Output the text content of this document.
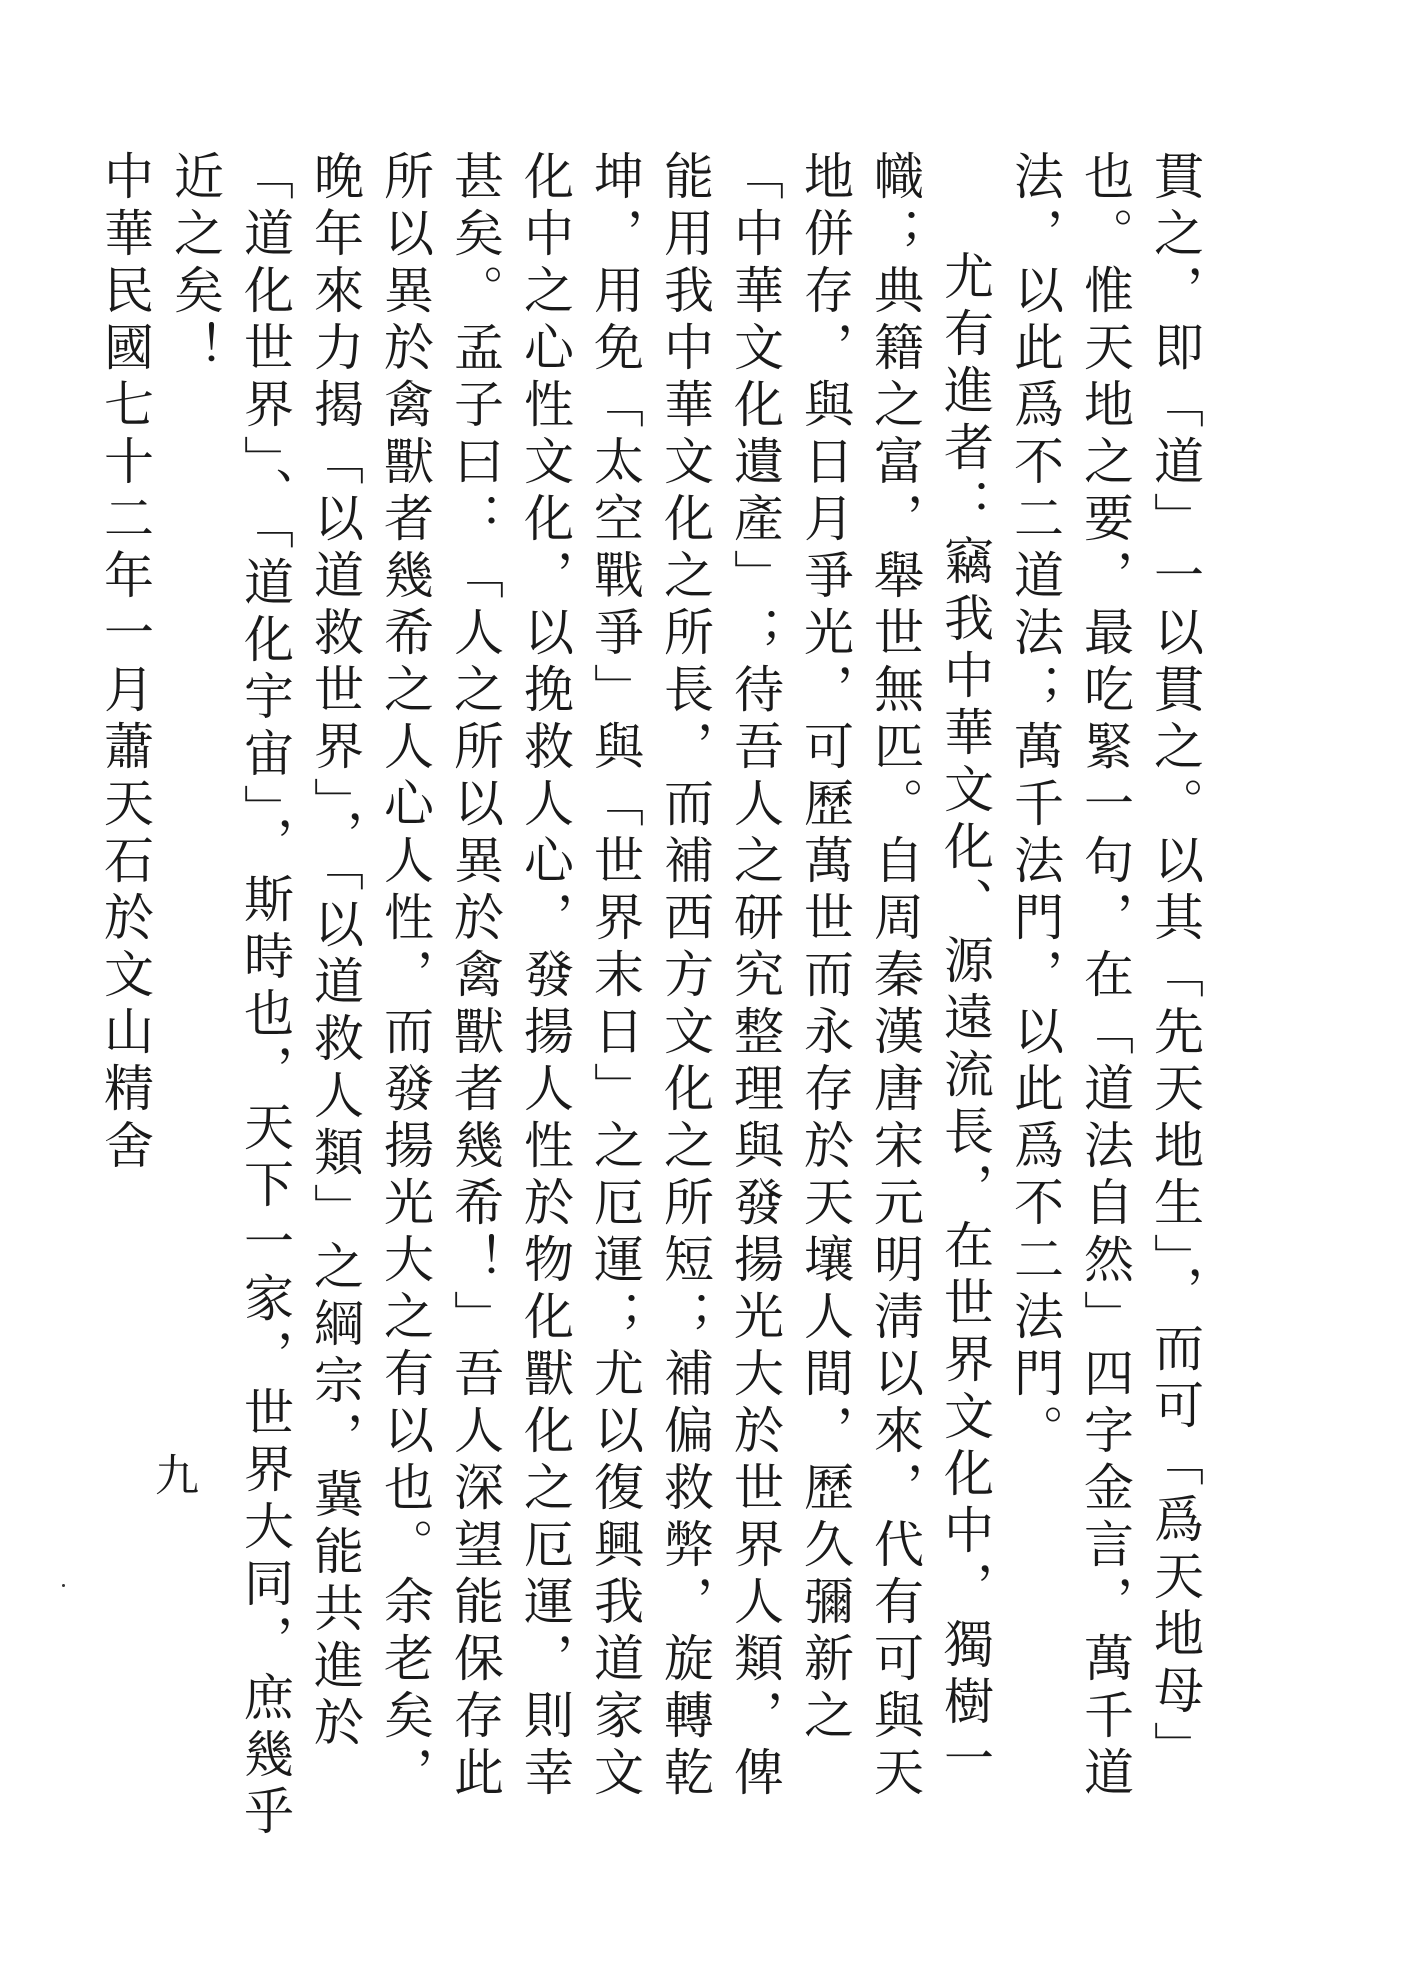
貫之，即「道」一以貫之。以其「先天地生」，而可「爲天地母」也。惟天地之要，最吃緊一句，在「道法自然」四字金言，萬千道法，以此爲不二道法；萬千法門，以此爲不二法門。

尤有進者：竊我中華文化、源遠流長，在世界文化中，獨樹一幟；典籍之富，舉世無匹。自周秦漢唐宋元明淸以來，代有可與天地併存，與日月爭光，可歷萬世而永存於天壤人間，歷久彌新之「中華文化遺產」；待吾人之研究整理與發揚光大於世界人類，俾能用我中華文化之所長，而補西方文化之所短；補偏救弊，旋轉乾坤，用免「太空戰爭」與「世界末日」之厄運；尤以復興我道家文化中之心性文化，以挽救人心，發揚人性於物化獸化之厄運，則幸甚矣。孟子曰：「人之所以異於禽獸者幾希！」吾人深望能保存此所以異於禽獸者幾希之人心人性，而發揚光大之有以也。余老矣，晚年來力揭「以道救世界」，「以道救人類」之綱宗，冀能共進於「道化世界」、「道化宇宙」，斯時也，天下一家，世界大同，庶幾乎近之矣！

中華民國七十二年一月蕭天石於文山精舍

九
